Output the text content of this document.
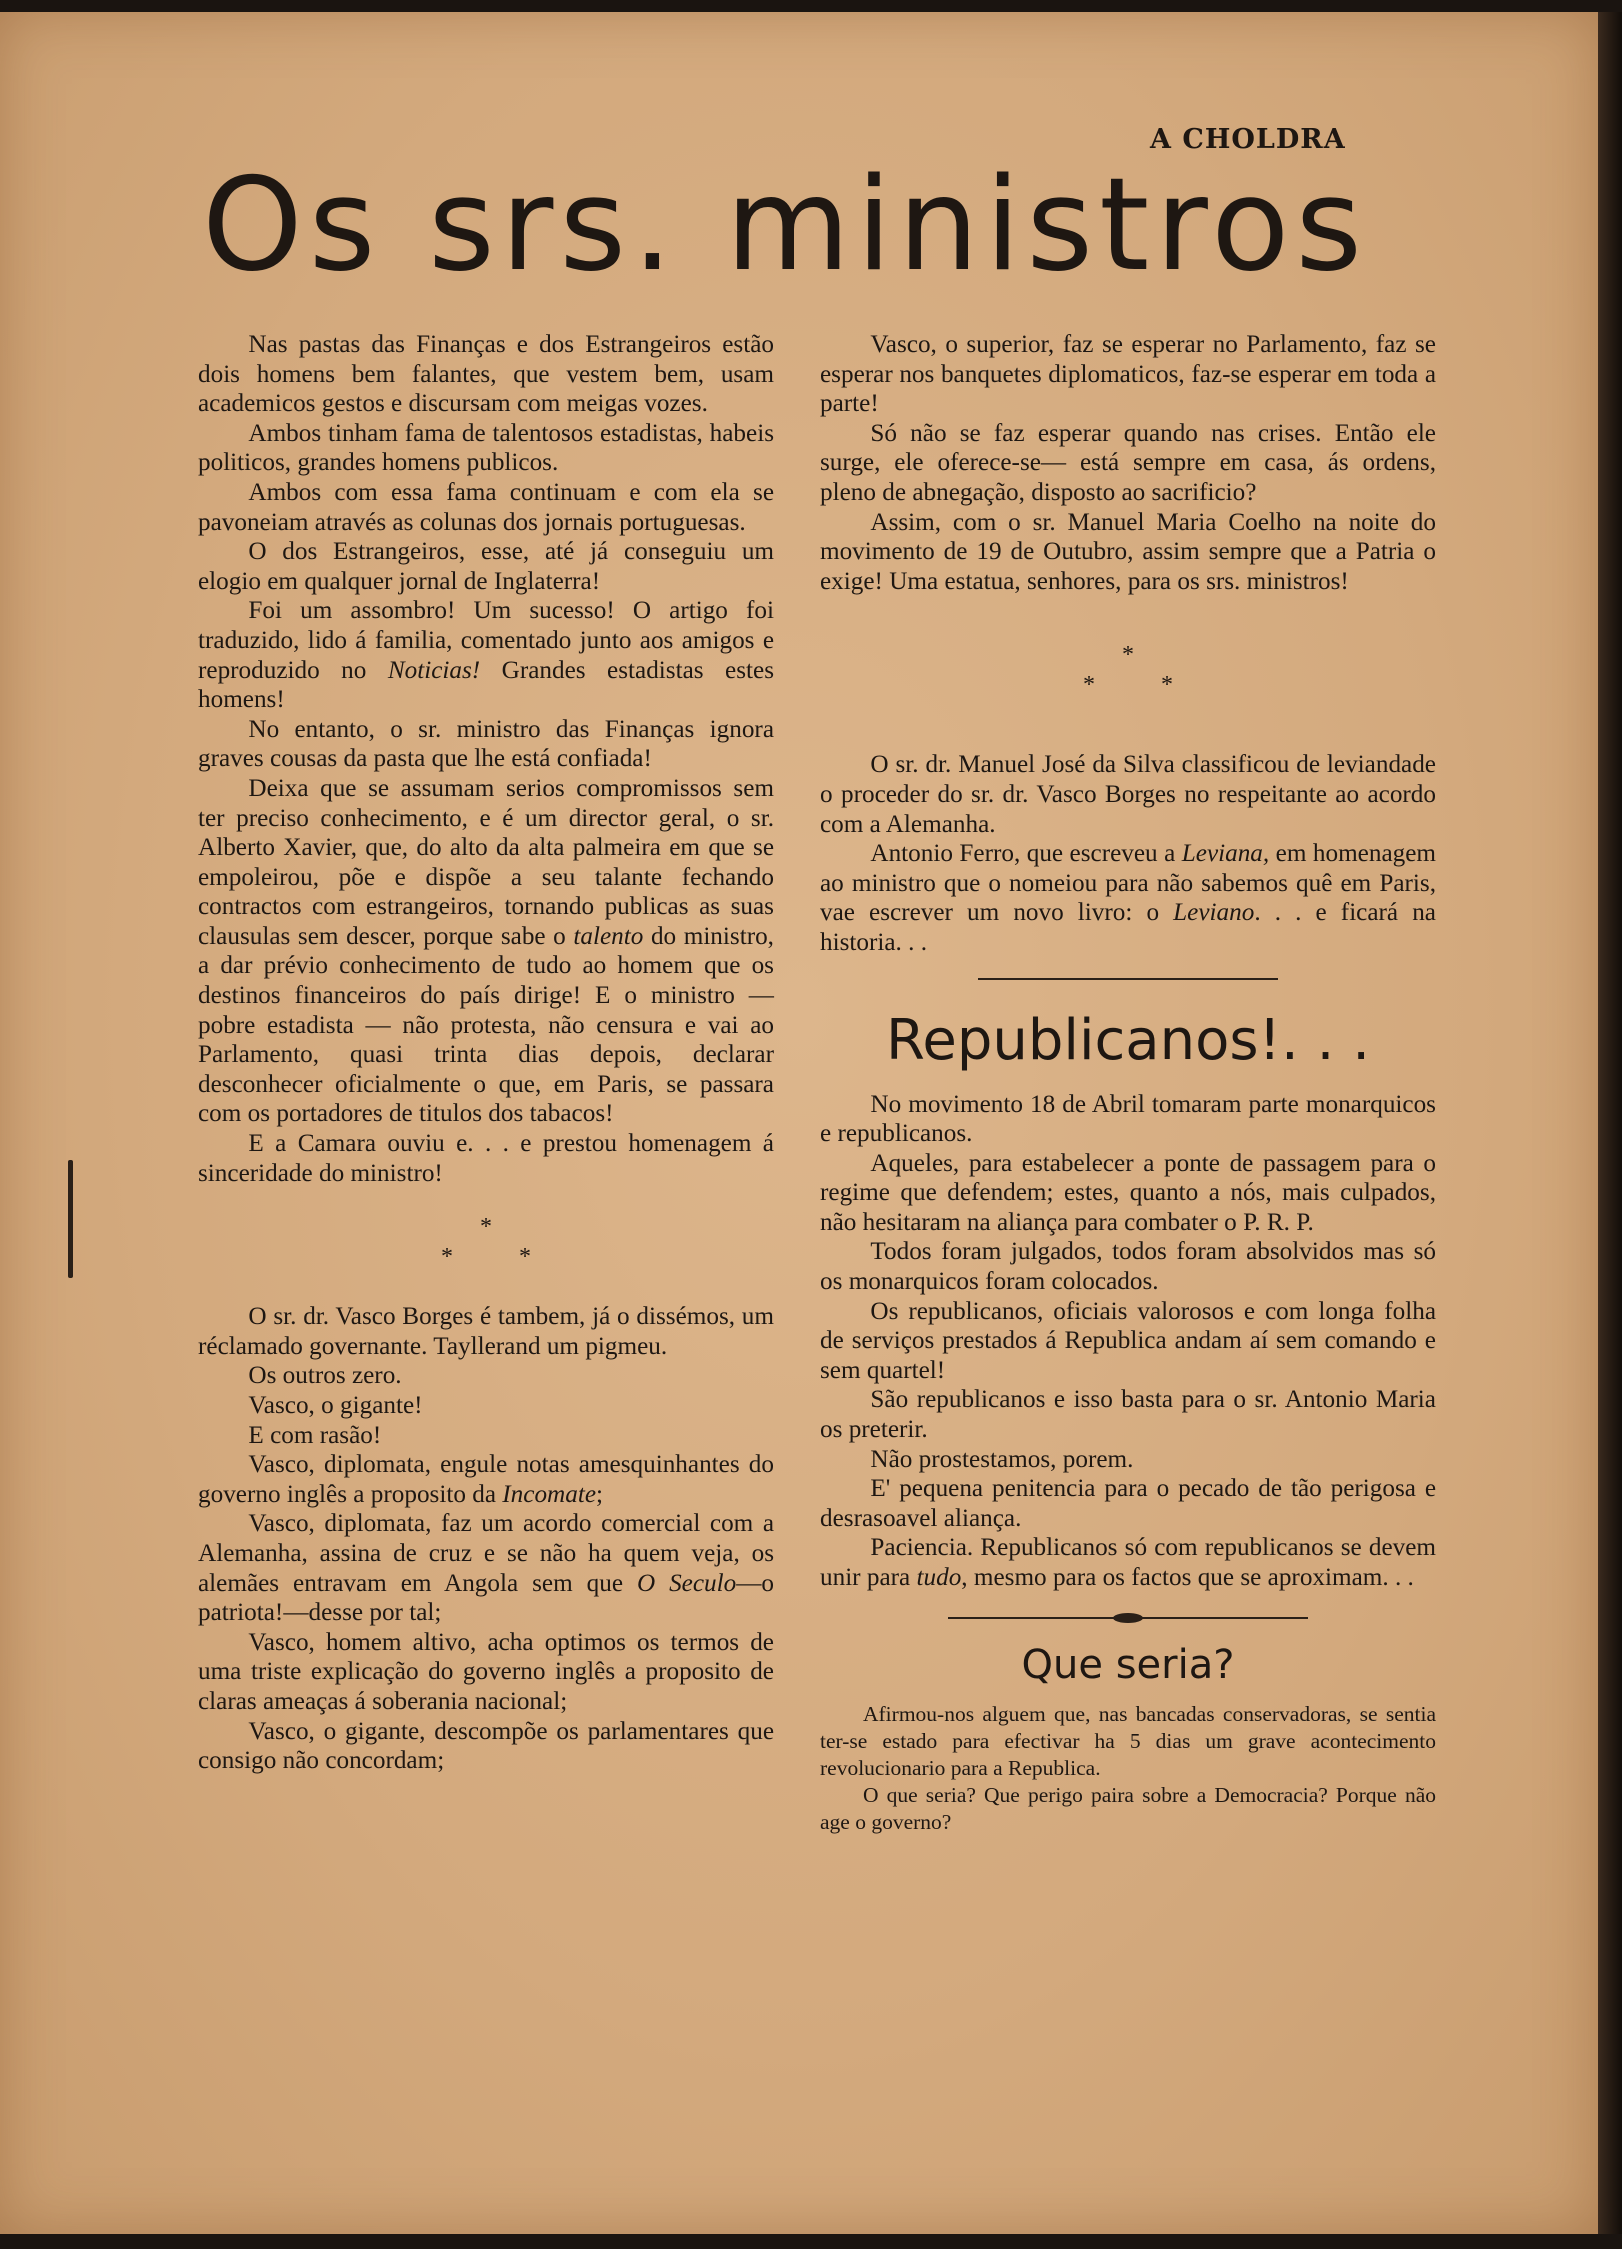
A CHOLDRA
Os srs. ministros

Nas pastas das Finanças e dos Estrangeiros estão dois homens bem falantes, que vestem bem, usam academicos gestos e discursam com meigas vozes.

Ambos tinham fama de talentosos estadistas, habeis politicos, grandes homens publicos.

Ambos com essa fama continuam e com ela se pavoneiam através as colunas dos jornais portuguesas.

O dos Estrangeiros, esse, até já conseguiu um elogio em qualquer jornal de Inglaterra!

Foi um assombro! Um sucesso! O artigo foi traduzido, lido á familia, comentado junto aos amigos e reproduzido no Noticias! Grandes estadistas estes homens!

No entanto, o sr. ministro das Finanças ignora graves cousas da pasta que lhe está confiada!

Deixa que se assumam serios compromissos sem ter preciso conhecimento, e é um director geral, o sr. Alberto Xavier, que, do alto da alta palmeira em que se empoleirou, põe e dispõe a seu talante fechando contractos com estrangeiros, tornando publicas as suas clausulas sem descer, porque sabe o talento do ministro, a dar prévio conhecimento de tudo ao homem que os destinos financeiros do país dirige! E o ministro — pobre estadista — não protesta, não censura e vai ao Parlamento, quasi trinta dias depois, declarar desconhecer oficialmente o que, em Paris, se passara com os portadores de titulos dos tabacos!

E a Camara ouviu e. . . e prestou homenagem á sinceridade do ministro!

*
* *

O sr. dr. Vasco Borges é tambem, já o dissémos, um réclamado governante. Tayllerand um pigmeu.

Os outros zero.

Vasco, o gigante!

E com rasão!

Vasco, diplomata, engule notas amesquinhantes do governo inglês a proposito da Incomate;

Vasco, diplomata, faz um acordo comercial com a Alemanha, assina de cruz e se não ha quem veja, os alemães entravam em Angola sem que O Seculo—o patriota!—desse por tal;

Vasco, homem altivo, acha optimos os termos de uma triste explicação do governo inglês a proposito de claras ameaças á soberania nacional;

Vasco, o gigante, descompõe os parlamentares que consigo não concordam;

Vasco, o superior, faz se esperar no Parlamento, faz se esperar nos banquetes diplomaticos, faz-se esperar em toda a parte!

Só não se faz esperar quando nas crises. Então ele surge, ele oferece-se— está sempre em casa, ás ordens, pleno de abnegação, disposto ao sacrificio?

Assim, com o sr. Manuel Maria Coelho na noite do movimento de 19 de Outubro, assim sempre que a Patria o exige! Uma estatua, senhores, para os srs. ministros!

*
* *

O sr. dr. Manuel José da Silva classificou de leviandade o proceder do sr. dr. Vasco Borges no respeitante ao acordo com a Alemanha.

Antonio Ferro, que escreveu a Leviana, em homenagem ao ministro que o nomeiou para não sabemos quê em Paris, vae escrever um novo livro: o Leviano. . . e ficará na historia. . .

Republicanos!. . .

No movimento 18 de Abril tomaram parte monarquicos e republicanos.

Aqueles, para estabelecer a ponte de passagem para o regime que defendem; estes, quanto a nós, mais culpados, não hesitaram na aliança para combater o P. R. P.

Todos foram julgados, todos foram absolvidos mas só os monarquicos foram colocados.

Os republicanos, oficiais valorosos e com longa folha de serviços prestados á Republica andam aí sem comando e sem quartel!

São republicanos e isso basta para o sr. Antonio Maria os preterir.

Não prostestamos, porem.

E' pequena penitencia para o pecado de tão perigosa e desrasoavel aliança.

Paciencia. Republicanos só com republicanos se devem unir para tudo, mesmo para os factos que se aproximam. . .

Que seria?

Afirmou-nos alguem que, nas bancadas conservadoras, se sentia ter-se estado para efectivar ha 5 dias um grave acontecimento revolucionario para a Republica.

O que seria? Que perigo paira sobre a Democracia? Porque não age o governo?
